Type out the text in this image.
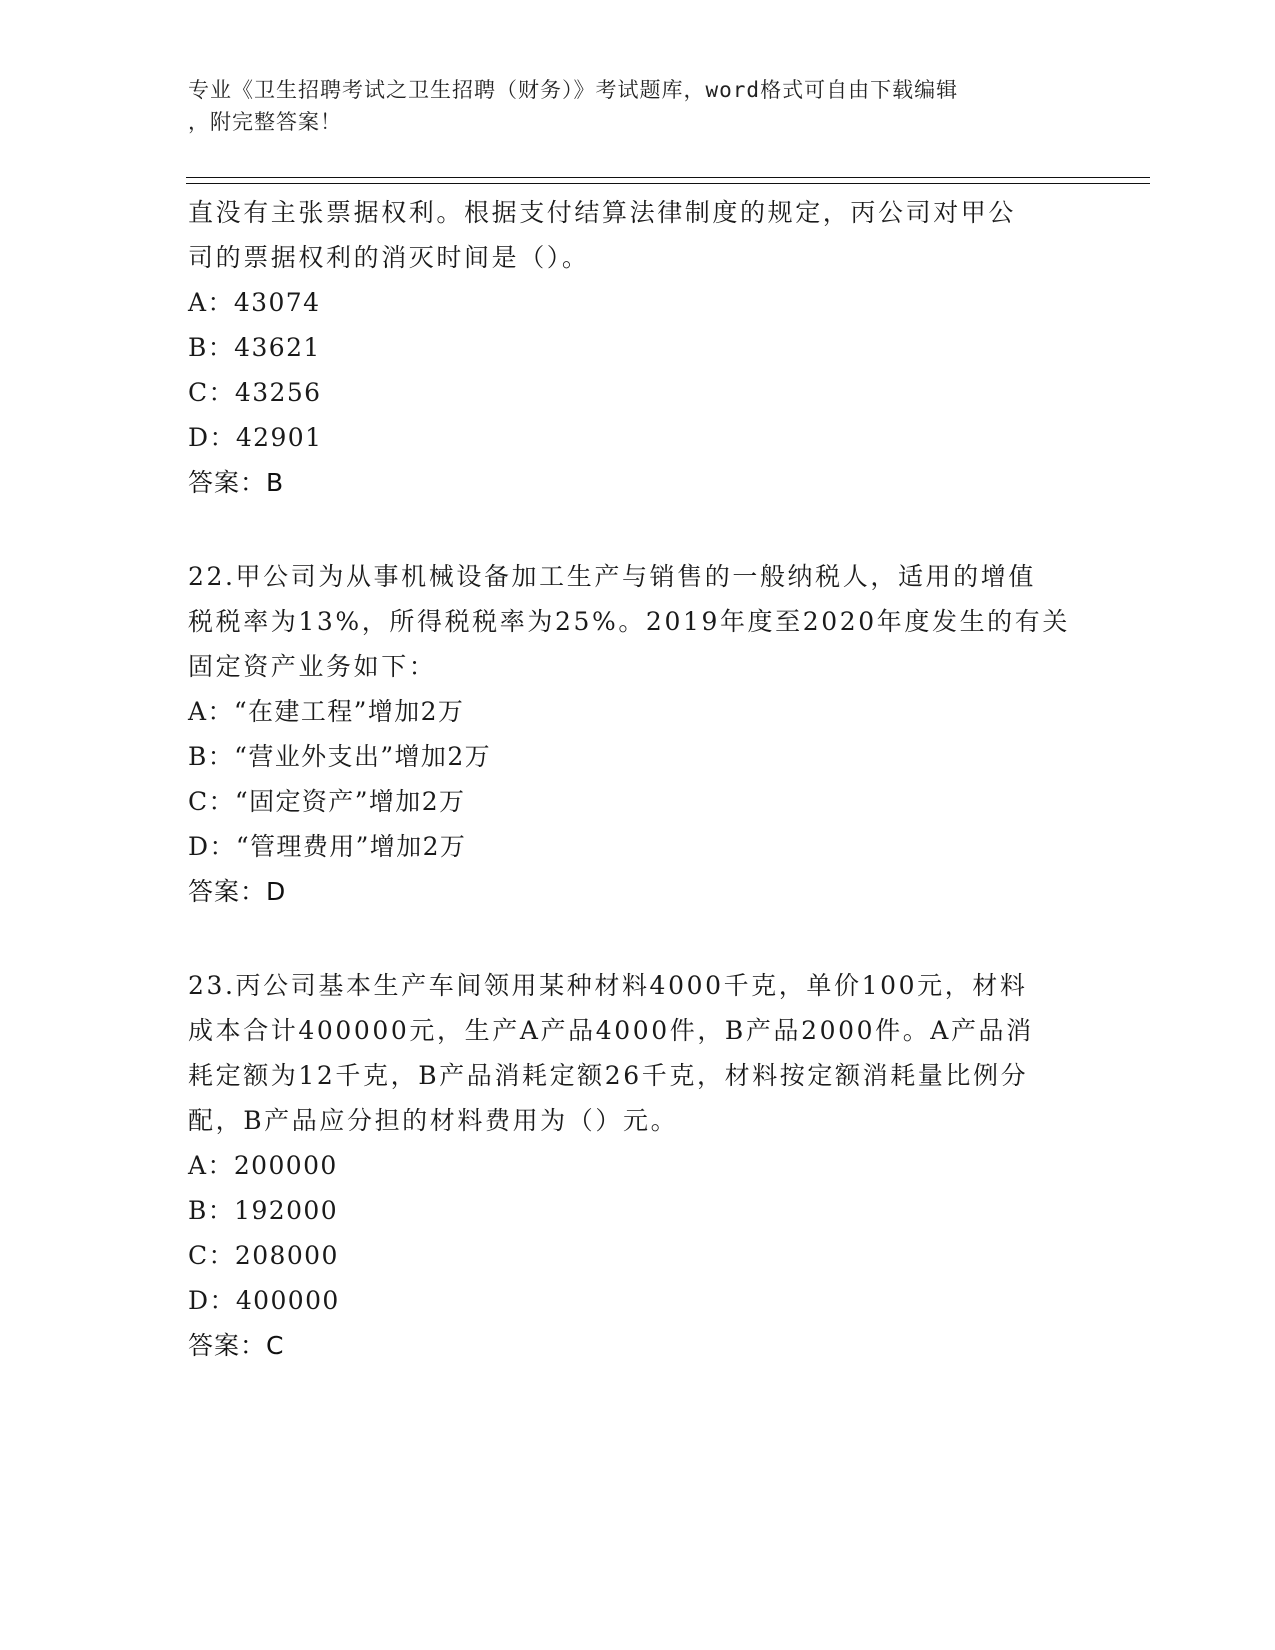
专业《卫生招聘考试之卫生招聘（财务）》考试题库，word格式可自由下载编辑
，附完整答案！

直没有主张票据权利。根据支付结算法律制度的规定，丙公司对甲公

司的票据权利的消灭时间是（）。

A：43074

B：43621

C：43256

D：42901

答案：B

22.甲公司为从事机械设备加工生产与销售的一般纳税人，适用的增值

税税率为13%，所得税税率为25%。2019年度至2020年度发生的有关

固定资产业务如下：

A：“在建工程”增加2万

B：“营业外支出”增加2万

C：“固定资产”增加2万

D：“管理费用”增加2万

答案：D

23.丙公司基本生产车间领用某种材料4000千克，单价100元，材料

成本合计400000元，生产A产品4000件，B产品2000件。A产品消

耗定额为12千克，B产品消耗定额26千克，材料按定额消耗量比例分

配，B产品应分担的材料费用为（）元。

A：200000

B：192000

C：208000

D：400000

答案：C
